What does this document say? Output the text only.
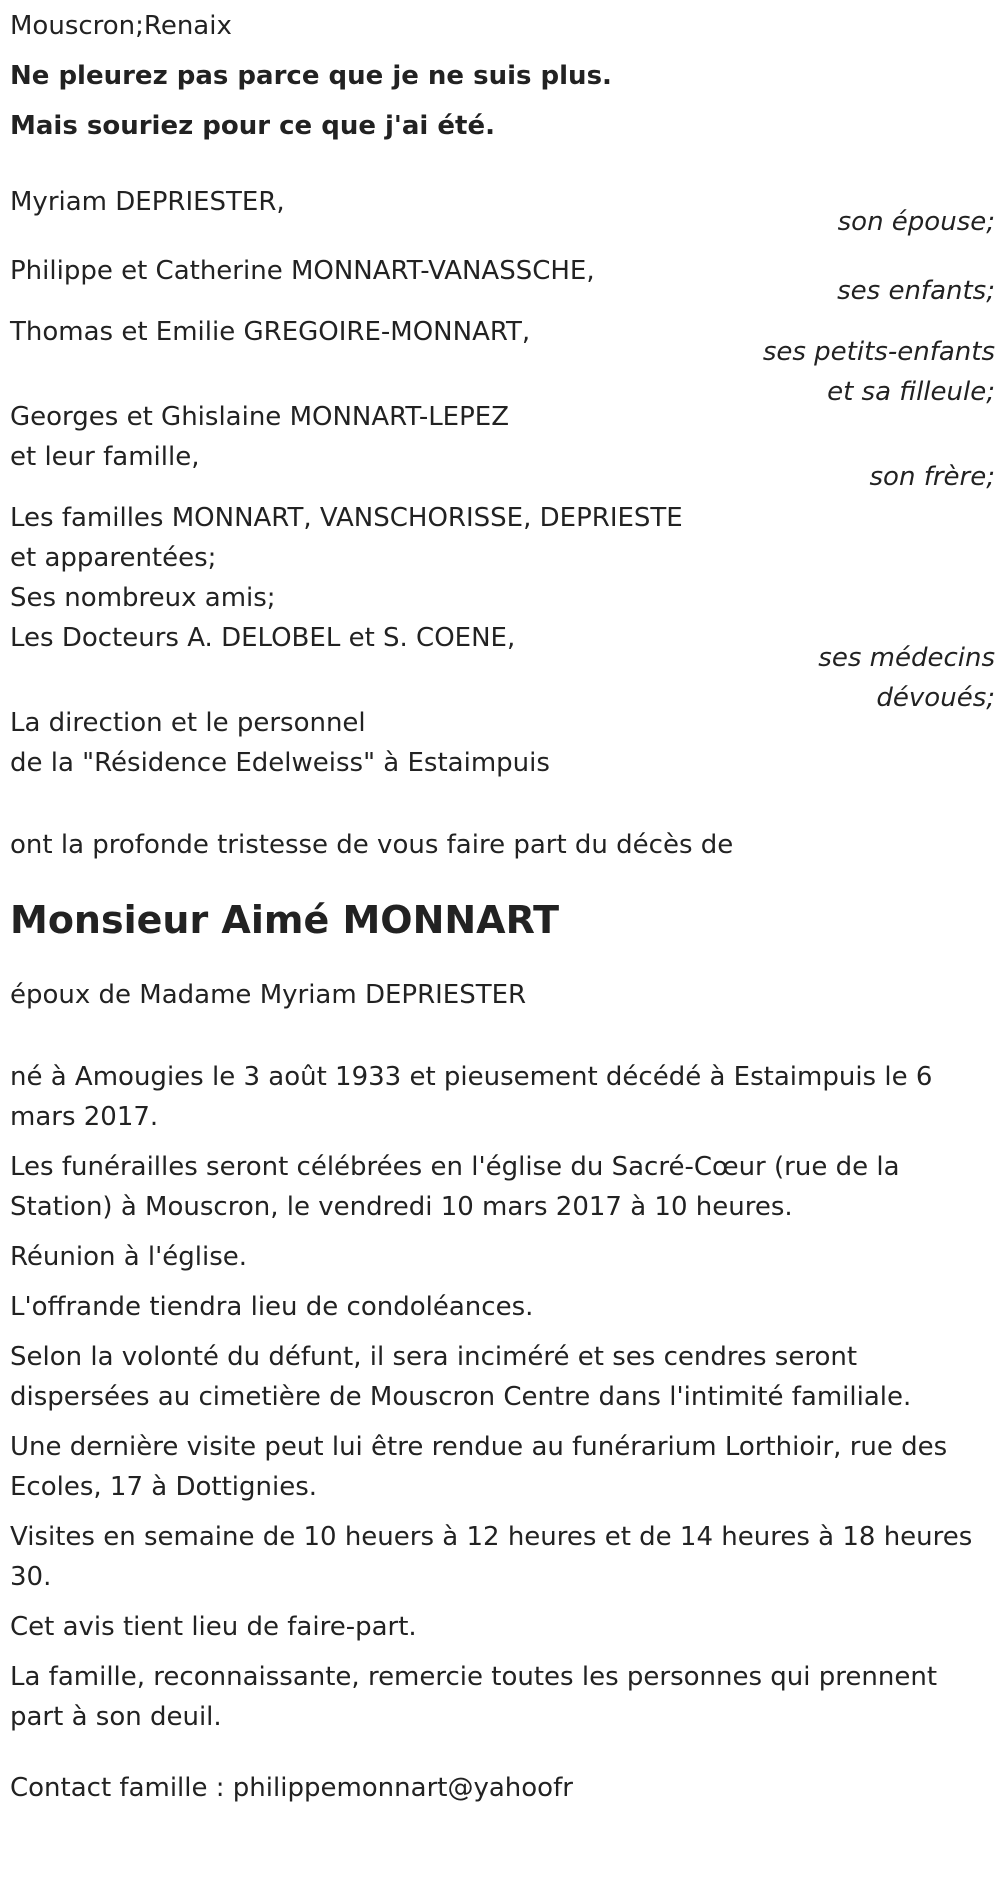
Mouscron;Renaix
Ne pleurez pas parce que je ne suis plus.
Mais souriez pour ce que j'ai été.
Myriam DEPRIESTER,
son épouse;
Philippe et Catherine MONNART-VANASSCHE,
ses enfants;
Thomas et Emilie GREGOIRE-MONNART,
ses petits-enfants
et sa filleule;
Georges et Ghislaine MONNART-LEPEZ
et leur famille,
son frère;
Les familles MONNART, VANSCHORISSE, DEPRIESTE
et apparentées;
Ses nombreux amis;
Les Docteurs A. DELOBEL et S. COENE,
ses médecins
dévoués;
La direction et le personnel
de la "Résidence Edelweiss" à Estaimpuis
ont la profonde tristesse de vous faire part du décès de
Monsieur Aimé MONNART
époux de Madame Myriam DEPRIESTER
né à Amougies le 3 août 1933 et pieusement décédé à Estaimpuis le 6 mars 2017.
Les funérailles seront célébrées en l'église du Sacré-Cœur (rue de la Station) à Mouscron, le vendredi 10 mars 2017 à 10 heures.
Réunion à l'église.
L'offrande tiendra lieu de condoléances.
Selon la volonté du défunt, il sera inciméré et ses cendres seront dispersées au cimetière de Mouscron Centre dans l'intimité familiale.
Une dernière visite peut lui être rendue au funérarium Lorthioir, rue des Ecoles, 17 à Dottignies.
Visites en semaine de 10 heuers à 12 heures et de 14 heures à 18 heures 30.
Cet avis tient lieu de faire-part.
La famille, reconnaissante, remercie toutes les personnes qui prennent part à son deuil.
Contact famille : philippemonnart@yahoofr
